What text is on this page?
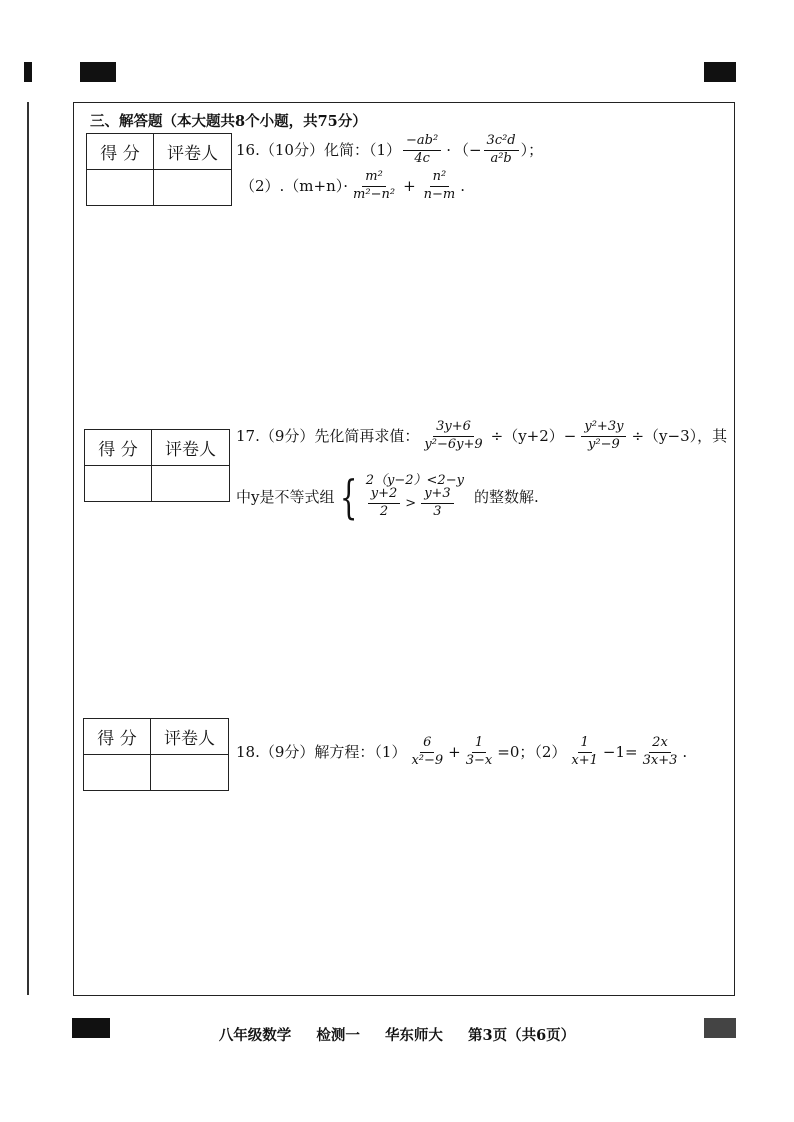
三、解答题（本大题共8个小题，共75分）
得 分	评卷人
	16.（10分）化简：$(1) \frac{\text{−ab²}}{4c}$ · （− $\frac{\text{3c²d}}{\text{a²b}}$ ）；
$(2).(m+n)\cdot \frac{\text{m²}}{\text{m²−n²}} + \frac{\text{n²}}{n-m}$ .
得 分	评卷人

17.（9分）先化简再求值： $\frac{3y+6}{\text{y²−6y+9}} \div(y+2)- \frac{\text{y²+3y}}{\text{y²−9}} \div(y-3)$，其
中y是不等式组 { 2（y−2）<2−y
$\frac{y+2}{2} > \frac{y+3}{3}$ 的整数解.
得 分	评卷人

18.（9分）解方程：$(1) \frac{6}{\text{x²−9}} + \frac{1}{3-x} =0$；$(2) \frac{1}{x+1} -1= \frac{2x}{3x+3}$ .
八年级数学 检测一 华东师大 第3页（共6页）
